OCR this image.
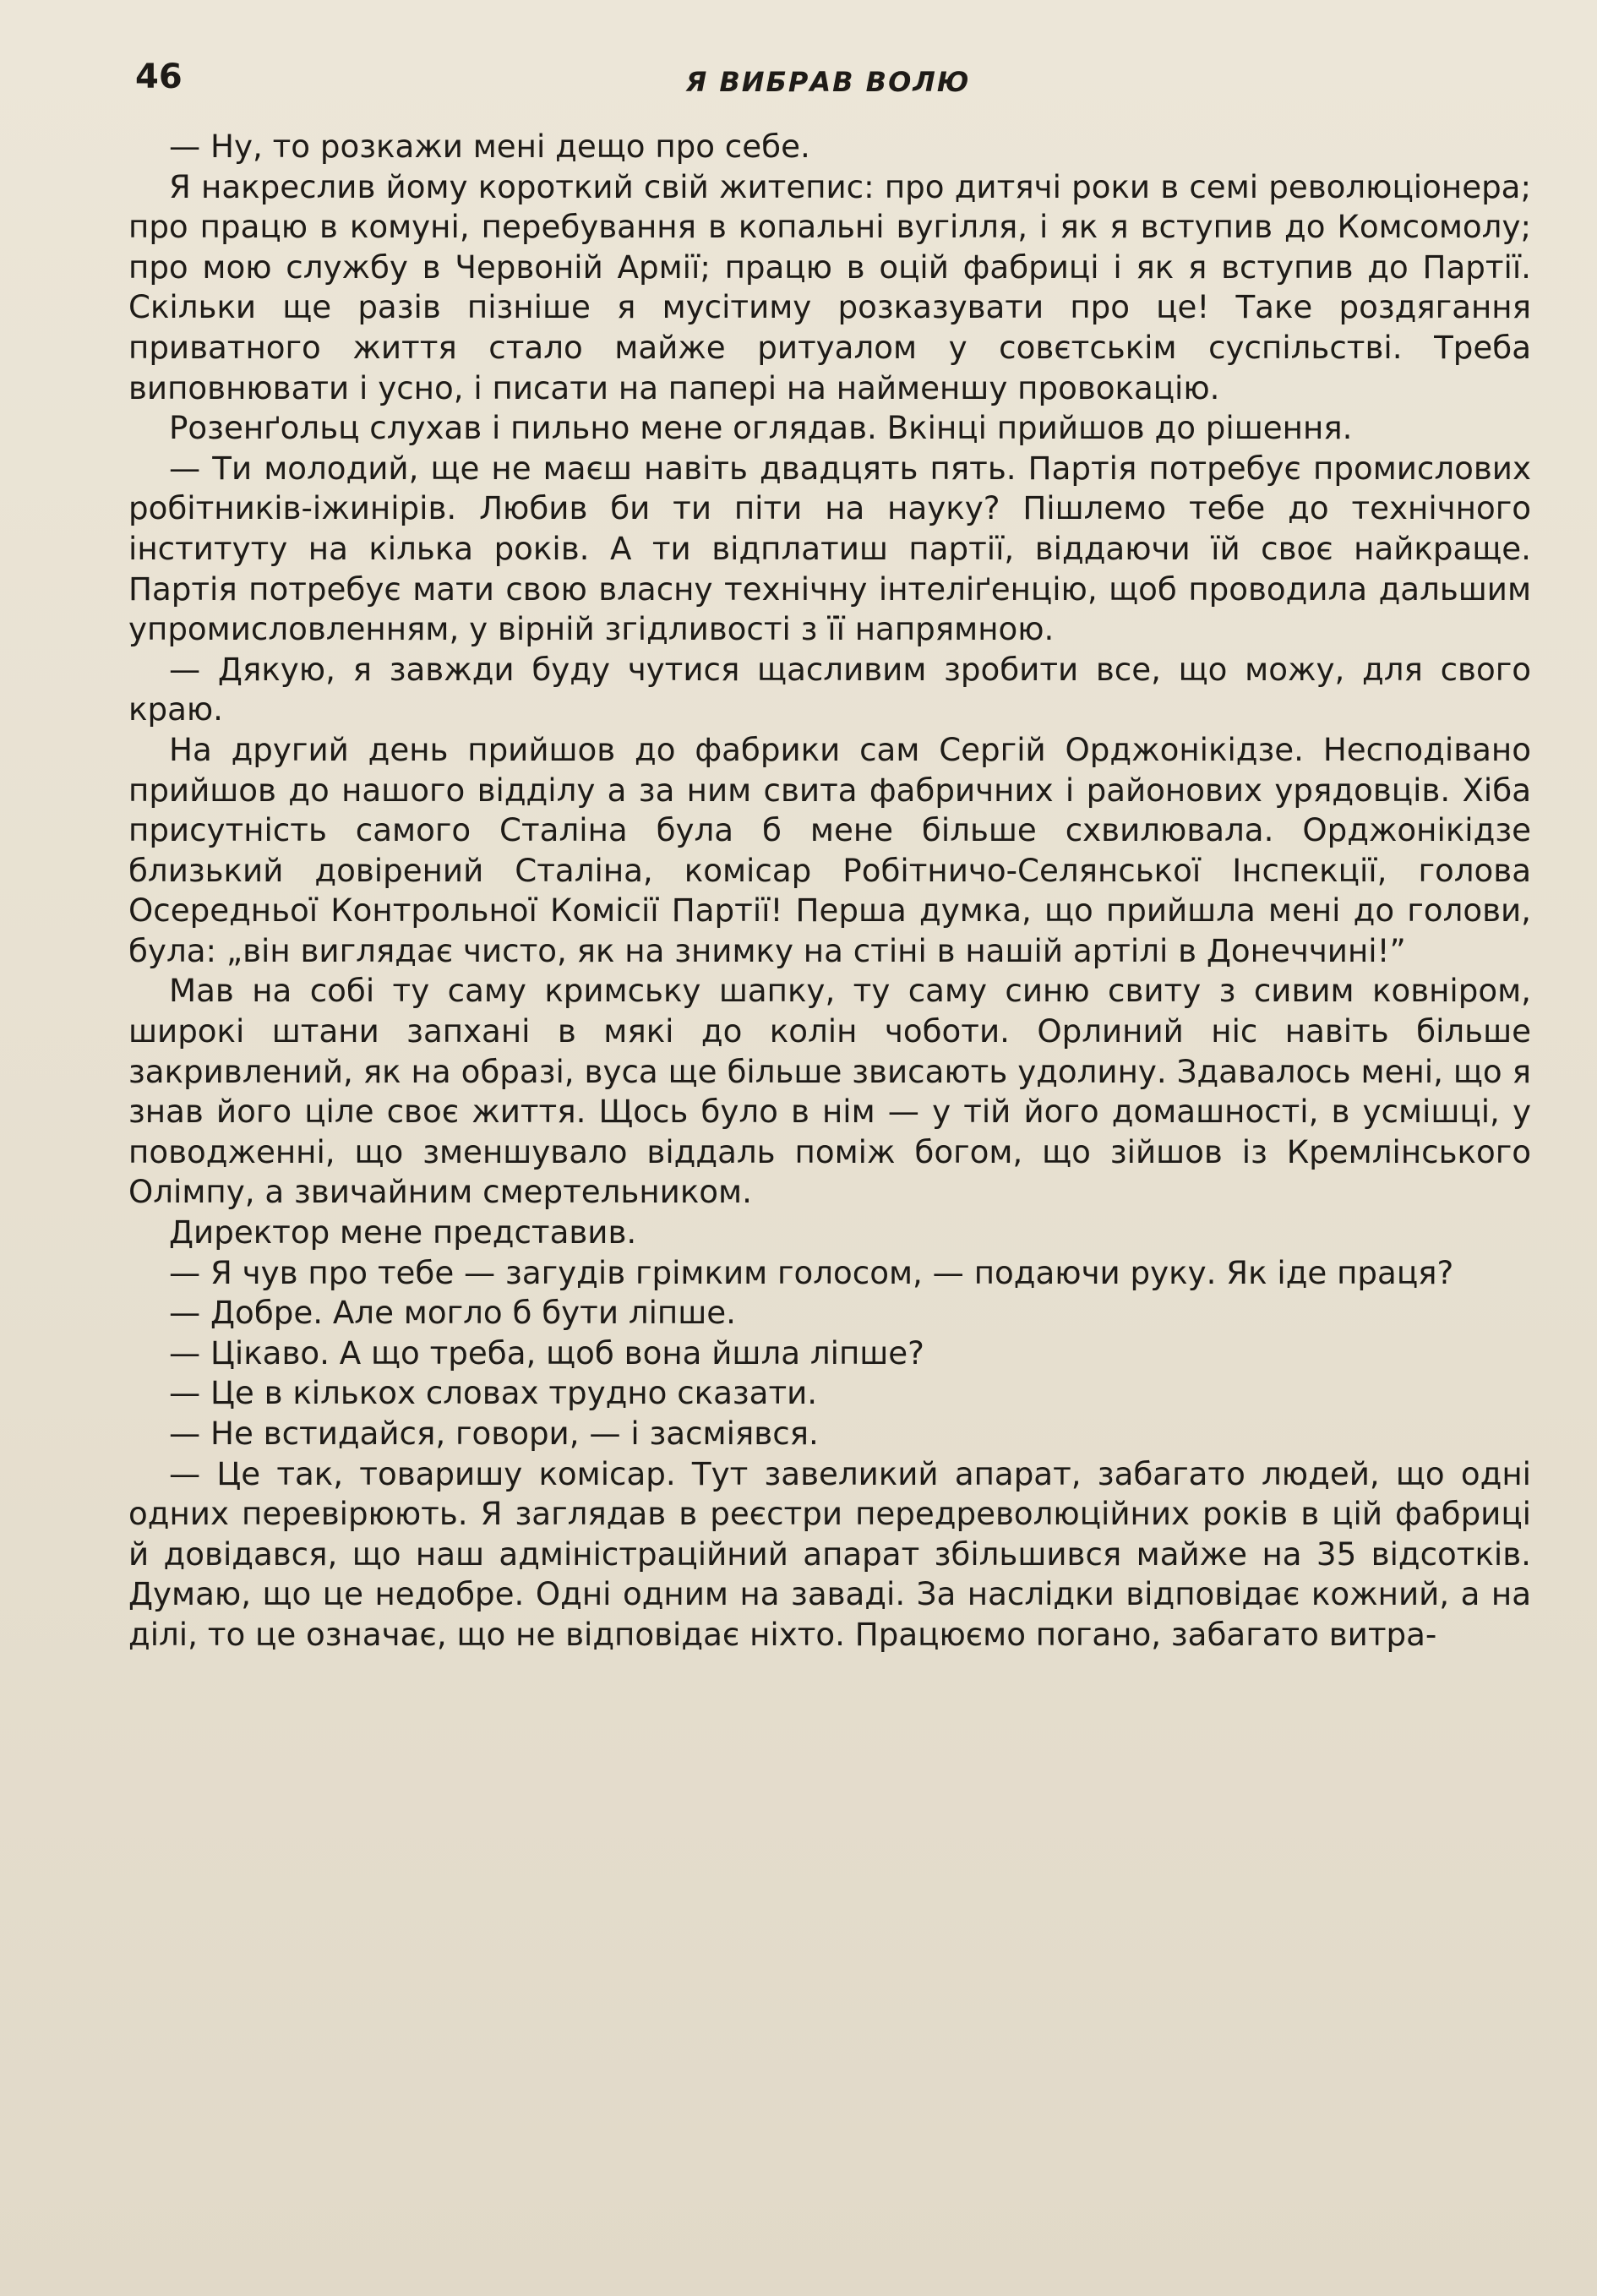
46	Я ВИБРАВ ВОЛЮ

— Ну, то розкажи мені дещо про себе.

Я накреслив йому короткий свій житепис: про дитячі роки в семі революціонера; про працю в комуні, перебування в копальні вугілля, і як я вступив до Комсомолу; про мою службу в Червоній Армії; працю в оцій фабриці і як я вступив до Партії. Скільки ще разів пізніше я мусітиму розказувати про це! Таке роздягання приватного життя стало майже ритуалом у совєтськім суспільстві. Треба виповнювати і усно, і писати на папері на найменшу провокацію.

Розенґольц слухав і пильно мене оглядав. Вкінці прийшов до рішення.

— Ти молодий, ще не маєш навіть двадцять пять. Партія потребує промислових робітників-іжинірів. Любив би ти піти на науку? Пішлемо тебе до технічного інституту на кілька років. А ти відплатиш партії, віддаючи їй своє найкраще. Партія потребує мати свою власну технічну інтеліґенцію, щоб проводила дальшим упромисловленням, у вірній згідливості з її напрямною.

— Дякую, я завжди буду чутися щасливим зробити все, що можу, для свого краю.

На другий день прийшов до фабрики сам Сергій Орджонікідзе. Несподівано прийшов до нашого відділу а за ним свита фабричних і районових урядовців. Хіба присутність самого Сталіна була б мене більше схвилювала. Орджонікідзе близький довірений Сталіна, комісар Робітничо-Селянської Інспекції, голова Осередньої Контрольної Комісії Партії! Перша думка, що прийшла мені до голови, була: „він виглядає чисто, як на знимку на стіні в нашій артілі в Донеччині!”

Мав на собі ту саму кримську шапку, ту саму синю свиту з сивим ковніром, широкі штани запхані в мякі до колін чоботи. Орлиний ніс навіть більше закривлений, як на образі, вуса ще більше звисають удолину. Здавалось мені, що я знав його ціле своє життя. Щось було в нім — у тій його домашності, в усмішці, у поводженні, що зменшувало віддаль поміж богом, що зійшов із Кремлінського Олімпу, а звичайним смертельником.

Директор мене представив.

— Я чув про тебе — загудів грімким голосом, — подаючи руку. Як іде праця?

— Добре. Але могло б бути ліпше.

— Цікаво. А що треба, щоб вона йшла ліпше?

— Це в кількох словах трудно сказати.

— Не встидайся, говори, — і засміявся.

— Це так, товаришу комісар. Тут завеликий апарат, забагато людей, що одні одних перевірюють. Я заглядав в реєстри передреволюційних років в цій фабриці й довідався, що наш адміністраційний апарат збільшився майже на 35 відсотків. Думаю, що це недобре. Одні одним на заваді. За наслідки відповідає кожний, а на ділі, то це означає, що не відповідає ніхто. Працюємо погано, забагато витра-
